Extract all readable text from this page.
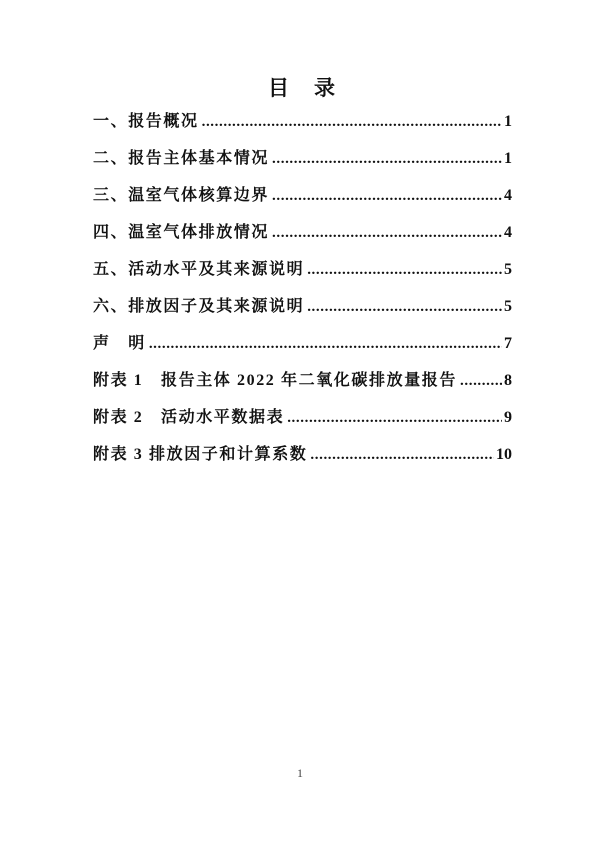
目　录
一、报告概况 .....	1
二、报告主体基本情况 .....	1
三、温室气体核算边界 .....	4
四、温室气体排放情况 .....	4
五、活动水平及其来源说明 .....	5
六、排放因子及其来源说明 .....	5
声　明 .....	7
附表 1　报告主体 2022 年二氧化碳排放量报告 .....	8
附表 2　活动水平数据表 .....	9
附表 3 排放因子和计算系数 .....	10
1
